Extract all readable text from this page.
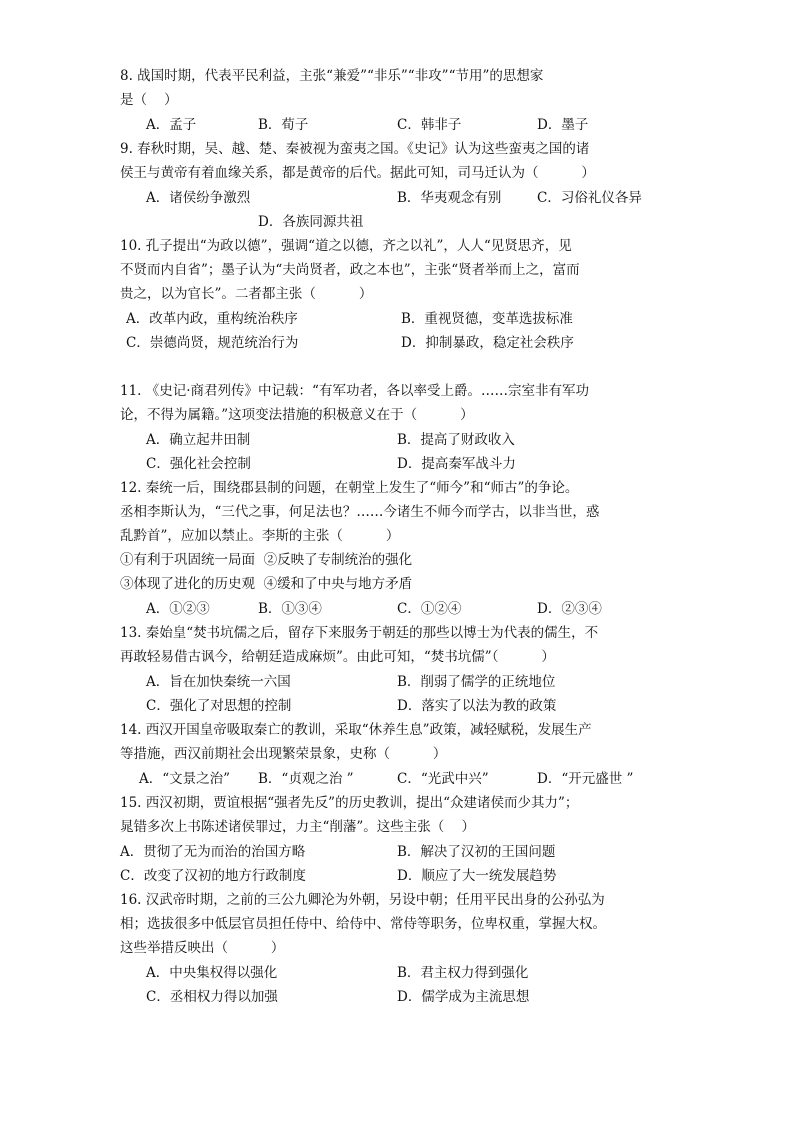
8. 战国时期，代表平民利益，主张“兼爱”“非乐”“非攻”“节用”的思想家
是（    ）
A．孟子	B．荀子	C．韩非子	D．墨子
9. 春秋时期，吴、越、楚、秦被视为蛮夷之国。《史记》认为这些蛮夷之国的诸
侯王与黄帝有着血缘关系，都是黄帝的后代。据此可知，司马迁认为（          ）
A．诸侯纷争激烈	B．华夷观念有别	C．习俗礼仪各异
D．各族同源共祖
10. 孔子提出“为政以德”，强调“道之以德，齐之以礼”，人人“见贤思齐，见
不贤而内自省”；墨子认为“夫尚贤者，政之本也”，主张“贤者举而上之，富而
贵之，以为官长”。二者都主张（          ）
A．改革内政，重构统治秩序	B．重视贤德，变革选拔标准
C．崇德尚贤，规范统治行为	D．抑制暴政，稳定社会秩序
11. 《史记·商君列传》中记载：“有军功者，各以率受上爵。……宗室非有军功
论，不得为属籍。”这项变法措施的积极意义在于（          ）
A．确立起井田制	B．提高了财政收入
C．强化社会控制	D．提高秦军战斗力
12. 秦统一后，围绕郡县制的问题，在朝堂上发生了“师今”和“师古”的争论。
丞相李斯认为，“三代之事，何足法也？……今诸生不师今而学古，以非当世，惑
乱黔首”，应加以禁止。李斯的主张（          ）
①有利于巩固统一局面  ②反映了专制统治的强化
③体现了进化的历史观  ④缓和了中央与地方矛盾
A．①②③	B．①③④	C．①②④	D．②③④
13. 秦始皇“焚书坑儒之后，留存下来服务于朝廷的那些以博士为代表的儒生，不
再敢轻易借古讽今，给朝廷造成麻烦”。由此可知，“焚书坑儒”（          ）
A．旨在加快秦统一六国	B．削弱了儒学的正统地位
C．强化了对思想的控制	D．落实了以法为教的政策
14. 西汉开国皇帝吸取秦亡的教训，采取“休养生息”政策，减轻赋税，发展生产
等措施，西汉前期社会出现繁荣景象，史称（          ）
A．“文景之治” B．“贞观之治 ”	C．“光武中兴”	D．“开元盛世 ”
15. 西汉初期，贾谊根据“强者先反”的历史教训，提出“众建诸侯而少其力”；
晁错多次上书陈述诸侯罪过，力主“削藩”。这些主张（    ）
A．贯彻了无为而治的治国方略	B．解决了汉初的王国问题
C．改变了汉初的地方行政制度	D．顺应了大一统发展趋势
16. 汉武帝时期，之前的三公九卿沦为外朝，另设中朝；任用平民出身的公孙弘为
相；选拔很多中低层官员担任侍中、给侍中、常侍等职务，位卑权重，掌握大权。
这些举措反映出（          ）
A．中央集权得以强化	B．君主权力得到强化
C．丞相权力得以加强	D．儒学成为主流思想
